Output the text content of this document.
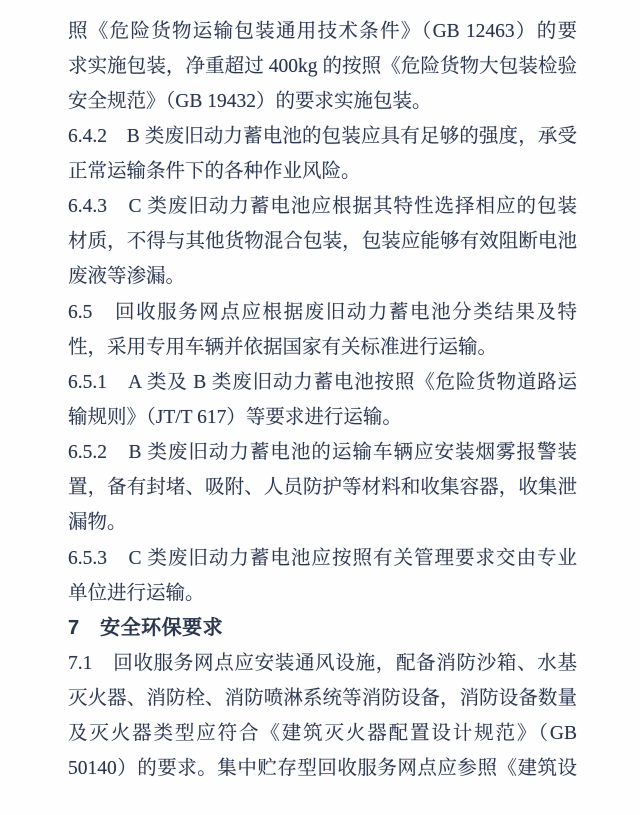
照《危险货物运输包装通用技术条件》（GB 12463）的要
求实施包装，净重超过 400kg 的按照《危险货物大包装检验
安全规范》（GB 19432）的要求实施包装。
6.4.2　B 类废旧动力蓄电池的包装应具有足够的强度，承受
正常运输条件下的各种作业风险。
6.4.3　C 类废旧动力蓄电池应根据其特性选择相应的包装
材质，不得与其他货物混合包装，包装应能够有效阻断电池
废液等渗漏。
6.5　回收服务网点应根据废旧动力蓄电池分类结果及特
性，采用专用车辆并依据国家有关标准进行运输。
6.5.1　A 类及 B 类废旧动力蓄电池按照《危险货物道路运
输规则》（JT/T 617）等要求进行运输。
6.5.2　B 类废旧动力蓄电池的运输车辆应安装烟雾报警装
置，备有封堵、吸附、人员防护等材料和收集容器，收集泄
漏物。
6.5.3　C 类废旧动力蓄电池应按照有关管理要求交由专业
单位进行运输。
7　安全环保要求
7.1　回收服务网点应安装通风设施，配备消防沙箱、水基
灭火器、消防栓、消防喷淋系统等消防设备，消防设备数量
及灭火器类型应符合《建筑灭火器配置设计规范》（GB
50140）的要求。集中贮存型回收服务网点应参照《建筑设
